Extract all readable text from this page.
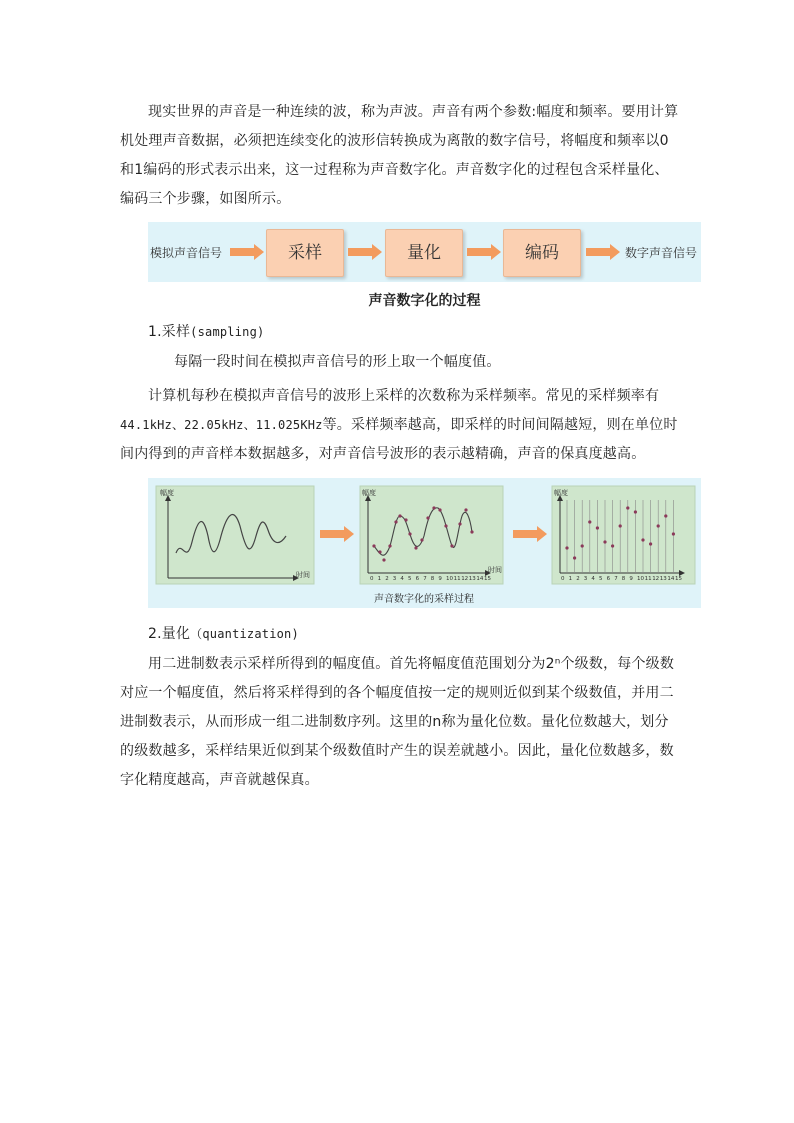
现实世界的声音是一种连续的波，称为声波。声音有两个参数:幅度和频率。要用计算机处理声音数据，必须把连续变化的波形信转换成为离散的数字信号，将幅度和频率以0和1编码的形式表示出来，这一过程称为声音数字化。声音数字化的过程包含采样量化、编码三个步骤，如图所示。
模拟声音信号	采样	量化	编码	数字声音信号
声音数字化的过程
1.采样(sampling)
每隔一段时间在模拟声音信号的形上取一个幅度值。
计算机每秒在模拟声音信号的波形上采样的次数称为采样频率。常见的采样频率有44.1kHz、22.05kHz、11.025KHz等。采样频率越高，即采样的时间间隔越短，则在单位时间内得到的声音样本数据越多，对声音信号波形的表示越精确，声音的保真度越高。
幅度
时间
幅度
时间
0 1 2 3 4 5 6 7 8 9 10 11 12 13 14 15
幅度
0 1 2 3 4 5 6 7 8 9 10 11 12 13 14 15
声音数字化的采样过程
2.量化（quantization)
用二进制数表示采样所得到的幅度值。首先将幅度值范围划分为2ⁿ个级数，每个级数对应一个幅度值，然后将采样得到的各个幅度值按一定的规则近似到某个级数值，并用二进制数表示，从而形成一组二进制数序列。这里的n称为量化位数。量化位数越大，划分的级数越多，采样结果近似到某个级数值时产生的误差就越小。因此，量化位数越多，数字化精度越高，声音就越保真。
